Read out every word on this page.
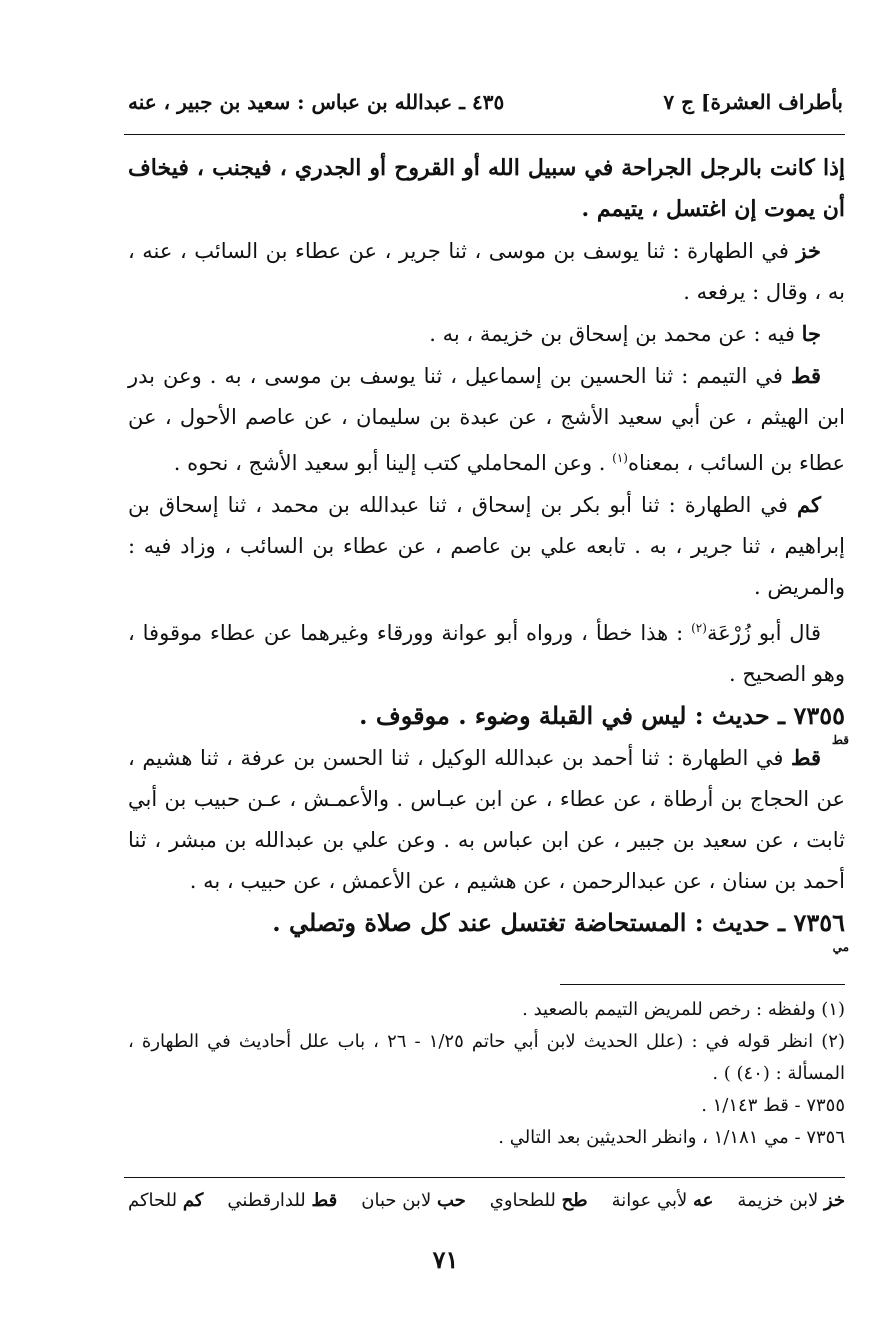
بأطراف العشرة] ج ٧
٤٣٥ ـ عبدالله بن عباس : سعيد بن جبير ، عنه

إذا كانت بالرجل الجراحة في سبيل الله أو القروح أو الجدري ، فيجنب ، فيخاف أن يموت إن اغتسل ، يتيمم .

خز في الطهارة : ثنا يوسف بن موسى ، ثنا جرير ، عن عطاء بن السائب ، عنه ، به ، وقال : يرفعه .

جا فيه : عن محمد بن إسحاق بن خزيمة ، به .

قط في التيمم : ثنا الحسين بن إسماعيل ، ثنا يوسف بن موسى ، به . وعن بدر ابن الهيثم ، عن أبي سعيد الأشج ، عن عبدة بن سليمان ، عن عاصم الأحول ، عن عطاء بن السائب ، بمعناه$^{(١)}$ . وعن المحاملي كتب إلينا أبو سعيد الأشج ، نحوه .

كم في الطهارة : ثنا أبو بكر بن إسحاق ، ثنا عبدالله بن محمد ، ثنا إسحاق بن إبراهيم ، ثنا جرير ، به . تابعه علي بن عاصم ، عن عطاء بن السائب ، وزاد فيه : والمريض .

قال أبو زُرْعَة$^{(٢)}$ : هذا خطأ ، ورواه أبو عوانة وورقاء وغيرهما عن عطاء موقوفا ، وهو الصحيح .

٧٣٥٥ ـ حديث : ليس في القبلة وضوء . موقوف .
قط

قط في الطهارة : ثنا أحمد بن عبدالله الوكيل ، ثنا الحسن بن عرفة ، ثنا هشيم ، عن الحجاج بن أرطاة ، عن عطاء ، عن ابن عبـاس . والأعمـش ، عـن حبيب بن أبي ثابت ، عن سعيد بن جبير ، عن ابن عباس به . وعن علي بن عبدالله بن مبشر ، ثنا أحمد بن سنان ، عن عبدالرحمن ، عن هشيم ، عن الأعمش ، عن حبيب ، به .

٧٣٥٦ ـ حديث : المستحاضة تغتسل عند كل صلاة وتصلي .
مي

(١) ولفظه : رخص للمريض التيمم بالصعيد .

(٢) انظر قوله في : (علل الحديث لابن أبي حاتم ١/٢٥ - ٢٦ ، باب علل أحاديث في الطهارة ، المسألة : (٤٠) ) .

٧٣٥٥ - قط ١/١٤٣ .

٧٣٥٦ - مي ١/١٨١ ، وانظر الحديثين بعد التالي .

خز لابن خزيمة
عه لأبي عوانة
طح للطحاوي
حب لابن حبان
قط للدارقطني
كم للحاكم
٧١
